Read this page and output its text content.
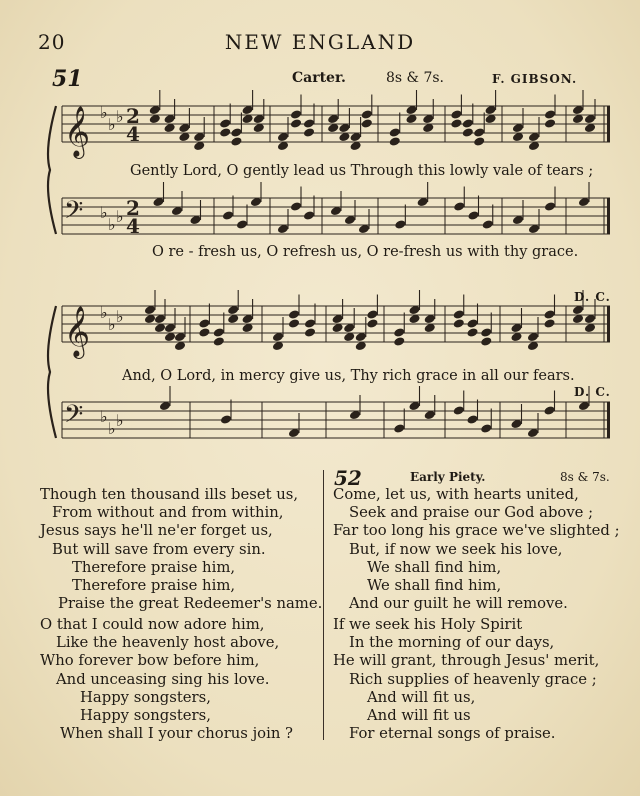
20	NEW ENGLAND
51	Carter.	8s & 7s.	F. GIBSON.
𝄞
𝄢
𝄞
𝄢
♭
♭ ♭
♭
♭ ♭
♭
♭ ♭
♭
♭ ♭
2
4
2
4
Gently Lord, O gently lead us Through this lowly vale of tears ;
O re - fresh us, O refresh us, O re-fresh us with thy grace.
D. C.
And, O Lord, in mercy give us, Thy rich grace in all our fears.
D. C.
Though ten thousand ills beset us,
From without and from within,
Jesus says he'll ne'er forget us,
But will save from every sin.
Therefore praise him,
Therefore praise him,
Praise the great Redeemer's name.
O that I could now adore him,
Like the heavenly host above,
Who forever bow before him,
And unceasing sing his love.
Happy songsters,
Happy songsters,
When shall I your chorus join ?
52	Early Piety.	8s & 7s.
Come, let us, with hearts united,
Seek and praise our God above ;
Far too long his grace we've slighted ;
But, if now we seek his love,
We shall find him,
We shall find him,
And our guilt he will remove.
If we seek his Holy Spirit
In the morning of our days,
He will grant, through Jesus' merit,
Rich supplies of heavenly grace ;
And will fit us,
And will fit us
For eternal songs of praise.
